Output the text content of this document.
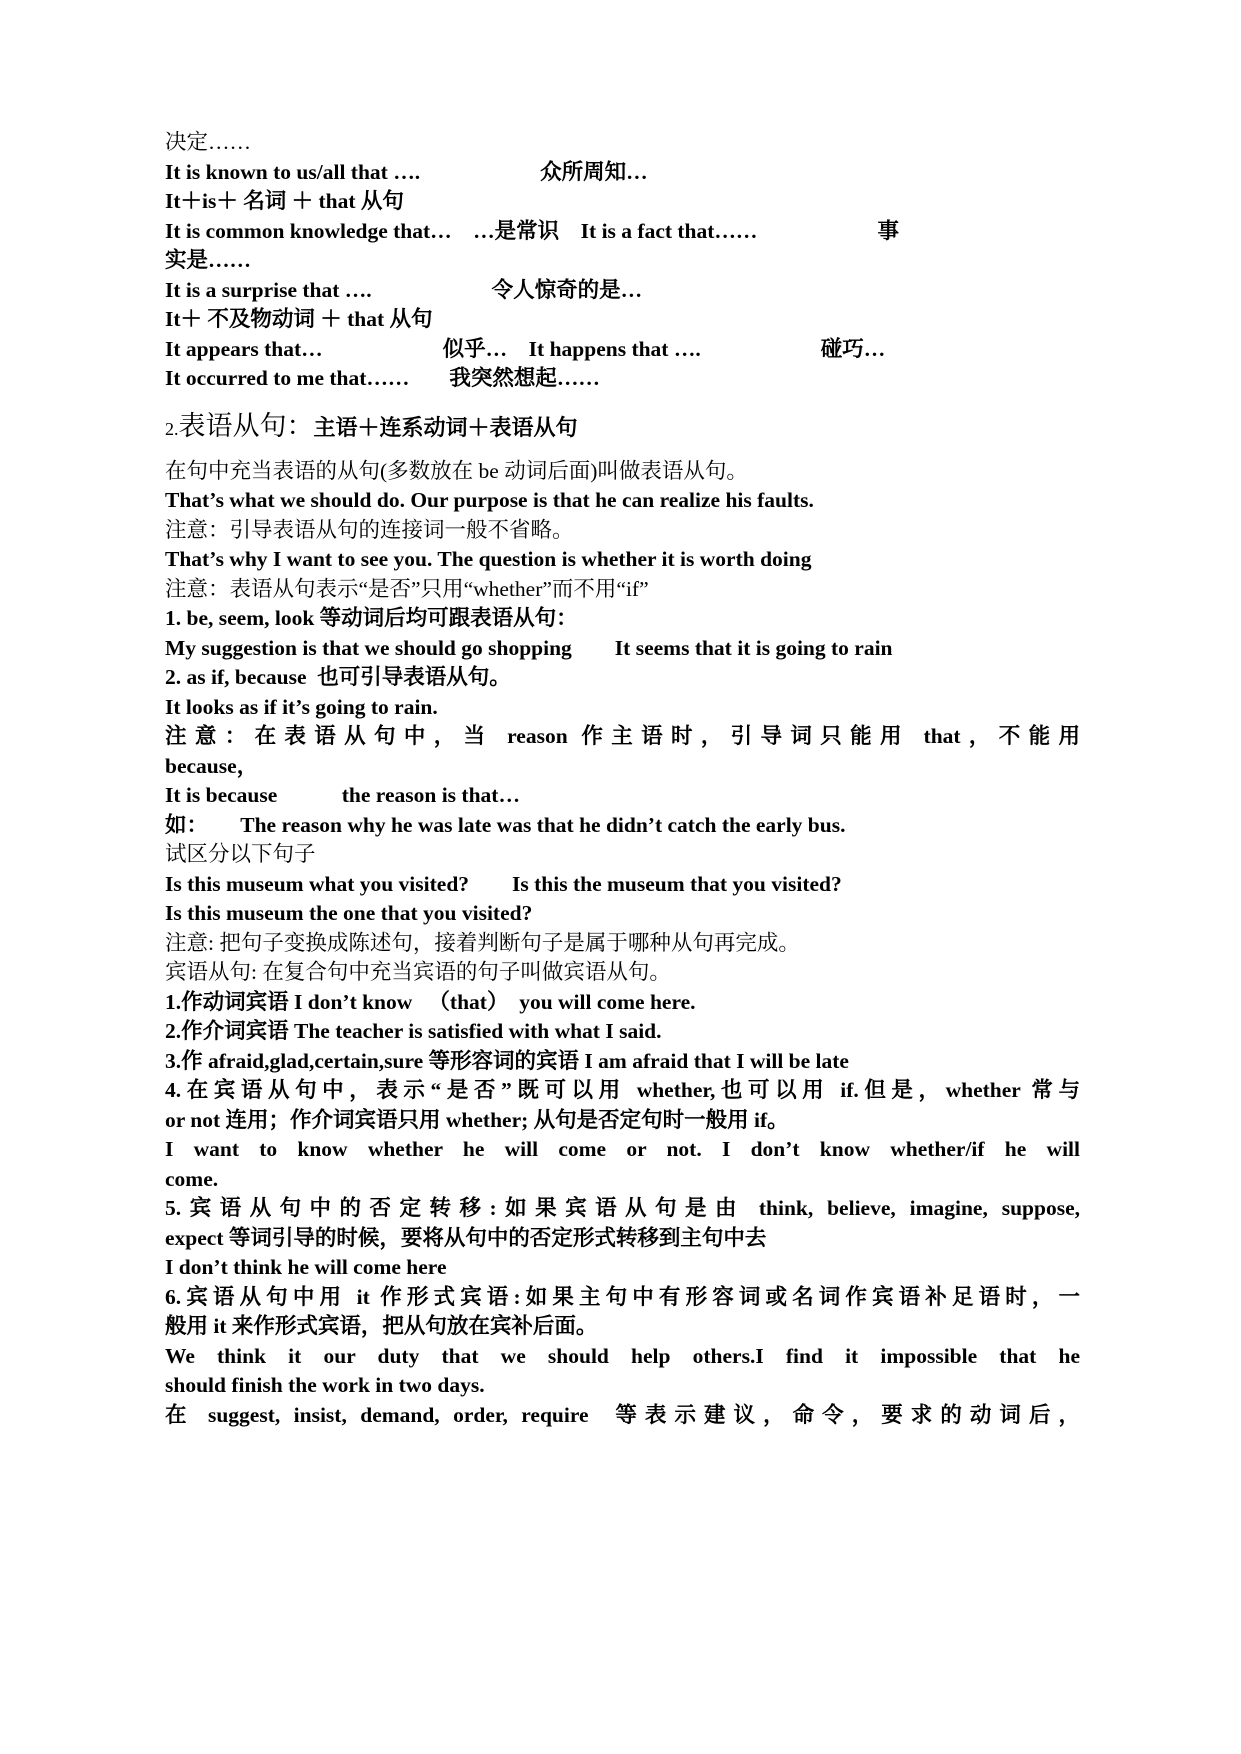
决定……

It is known to us/all that ….	众所周知…

It＋is＋ 名词 ＋ that 从句

It is common knowledge that…　…是常识　It is a fact that……	事

实是……

It is a surprise that ….	令人惊奇的是…

It＋ 不及物动词 ＋ that 从句

It appears that…	似乎…　It happens that ….	碰巧…

It occurred to me that…… 我突然想起……

2.表语从句：主语＋连系动词＋表语从句

在句中充当表语的从句(多数放在 be 动词后面)叫做表语从句。

That’s what we should do. Our purpose is that he can realize his faults.

注意：引导表语从句的连接词一般不省略。

That’s why I want to see you. The question is whether it is worth doing

注意：表语从句表示“是否”只用“whether”而不用“if”

1. be, seem, look 等动词后均可跟表语从句：

My suggestion is that we should go shopping　　It seems that it is going to rain

2. as if, because  也可引导表语从句。

It looks as if it’s going to rain.

注意：在表语从句中，当 reason 作主语时，引导词只能用 that，不能用

because，

It is because　　　the reason is that…

如：　　The reason why he was late was that he didn’t catch the early bus.

试区分以下句子

Is this museum what you visited?　　Is this the museum that you visited?

Is this museum the one that you visited?

注意: 把句子变换成陈述句，接着判断句子是属于哪种从句再完成。

宾语从句: 在复合句中充当宾语的句子叫做宾语从句。

1.作动词宾语 I don’t know 　（that）　you will come here.

2.作介词宾语 The teacher is satisfied with what I said.

3.作 afraid,glad,certain,sure 等形容词的宾语 I am afraid that I will be late

4.在宾语从句中，表示“是否”既可以用 whether,也可以用 if.但是，whether 常与

or not 连用；作介词宾语只用 whether; 从句是否定句时一般用 if。

I want to know whether he will come or not. I don’t know whether/if he will

come.

5.宾语从句中的否定转移:如果宾语从句是由 think, believe, imagine, suppose,

expect 等词引导的时候，要将从句中的否定形式转移到主句中去

I don’t think he will come here

6.宾语从句中用 it 作形式宾语:如果主句中有形容词或名词作宾语补足语时，一

般用 it 来作形式宾语，把从句放在宾补后面。

We think it our duty that we should help others.I find it impossible that he

should finish the work in two days.

在 suggest, insist, demand, order, require  等表示建议，命令，要求的动词后，
